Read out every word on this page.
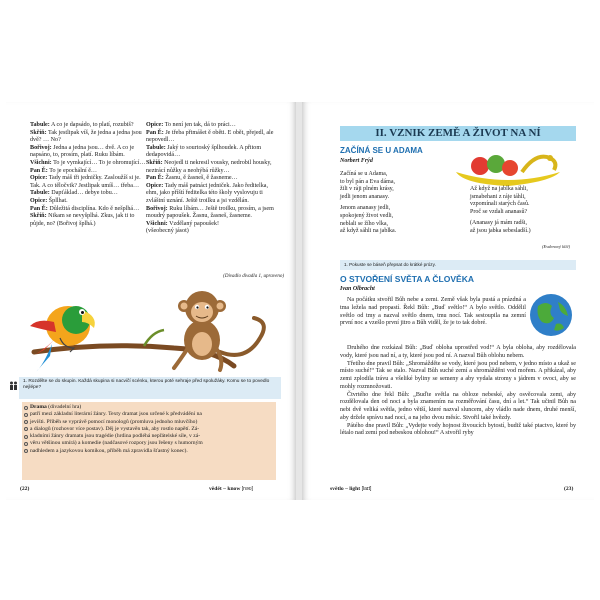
Tabule: A co je dapsádo, to platí, rozubiš?

Skříň: Tak jestlipak víš, že jedna a jedna jsou dvě? … No?

Bořivoj: Jedna a jedna jsou… dvě. A co je napsáno, to, prosím, platí. Ruku líbám.

Všichni: To je vymkající… To je ohromující…

Pan Ě: To je epochální ě…

Opice: Tady máš tři jedničky. Zasloužíš si je. Tak. A co těločvik? Jestlipak umíš… třeba…

Tabule: Dapťáklad… debye tobu…

Opice: Špllhat.

Pan Ě: Důležitá disciplína. Kdo ě nešplhá…

Skříň: Nikam se nevyšplhá. Zkus, jak ti to půjde, no? (Bořivoj šplhá.)

Opice: To není jen tak, dá to práci…

Pan Ě: Je třeba přimášet ě oběti. E obět, přejedl, ale nepovedl…

Tabule: Jaký to sourtoský šplhoudek. A přitom dedapovidá…

Skříň: Neojedl ti nekresil vousky, nedrobil housky, neztrácí nůžky a neohýbá růžky…

Pan Ě: Žasnu, ě žasneš, ě žasneme…

Opice: Tady máš patnáct jedniček. Jako ředitelka, ehm, jako příští ředitelka této školy vyslovuju ti zvláštní uznání. Ještě troilku a jsi vzdělán.

Bořivoj: Ruku líbám… Ještě troilku, prosím, a jsem moudrý papoušek. Žasnu, žasneš, žasneme.

Všichni: Vzdělaný papoušek!

(všeobecný jásot)

(Divadlo divadla 1, upraveno)
1. Rozdělte se do skupin. Každá skupina si nacvičí scénku, kterou poté sehraje před spolužáky. Komu se to povedlo nejlépe?
Drama (divadelní hra)
patří mezi základní literární žánry. Texty dramat jsou určené k předvádění na
jevišti. Příběh se vyprávě pomocí monologů (promluva jednoho mluvčího)
a dialogů (rozhovor více postav). Děj je vystavěn tak, aby rostlo napětí. Zá-
kladními žánry dramatu jsou tragédie (hrdina podléhá nepřátelské síle, v zá-
věru většinou umírá) a komedie (nadčasové rozpory jsou řešeny s humorným
nadhledem a jazykovou komikou, příběh má zpravidla šťastný konec).
(22)	vědět – know [nəʊ]
II. VZNIK ZEMĚ A ŽIVOT NA NÍ
ZAČÍNÁ SE U ADAMA
Norbert Frýd

Začíná se u Adama,

to byl pán a Eva dáma,

žili v ráji plném krásy,

jedli jenom ananasy.

Jenom ananasy jedli,

spokojený život vedli,

neblali se žího vlka,

až když sáhli na jablka.

Až když na jablka sáhli,

jsmabehani z ráje táhli,

vzpomínali starých časů.

Proč se vzdali ananasů?

(Ananasy já mám radši,

až jsou jabka sebesladší.)

(Evdenový klíč)
1. Pokuste se báseň přepsat do krátké prózy.
O STVOŘENÍ SVĚTA A ČLOVĚKA
Ivan Olbracht

Na počátku stvořil Bůh nebe a zemi. Země však byla pustá a prázdná a tma ležela nad propastí. Řekl Bůh: „Buď světlo!“ A bylo světlo. Oddělil světlo od tmy a nazval světlo dnem, tmu nocí. Tak sestoupila na zemní první noc a vzešlo první jitro a Bůh viděl, že je to tak dobré.

Druhého dne rozkázal Bůh: „Buď obloha uprostřed vod!“ A byla obloha, aby rozdělovala vody, které jsou nad ní, a ty, které jsou pod ní. A nazval Bůh oblohu nebem.

Třetího dne pravil Bůh: „Shromážděte se vody, které jsou pod nebem, v jedno místo a ukaž se místo suché!“ Tak se stalo. Nazval Bůh suché zemí a shromážděni vod mořem. A přikázal, aby zemi zplodila trávu a všeliké byliny se semeny a aby vydala stromy s jádrem v ovoci, aby se mohly rozmnožovati.

Čtvrtého dne řekl Bůh: „Buďte světla na obloze nebeské, aby osvěcovala zemi, aby rozdělovala den od noci a byla znamením na rozměřování času, dní a let.“ Tak učinil Bůh na nebi dvě veliká světla, jedno větší, které nazval sluncem, aby vládlo nade dnem, druhé menší, aby držele správu nad nocí, a na jeho dvou měsíc. Stvořil také hvězdy.

Pátého dne pravil Bůh: „Vydejte vody hojnost živoucích bytostí, budiž také ptactvo, které by létalo nad zemí pod nebeskou oblohou!“ A stvořil ryby

světlo – light [laɪt]	(23)
